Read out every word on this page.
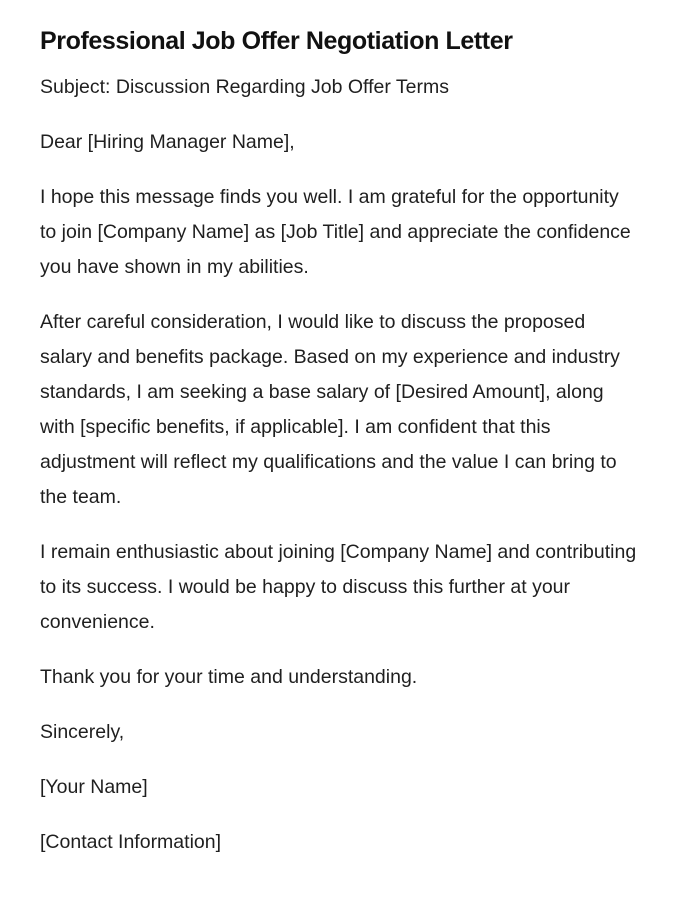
Professional Job Offer Negotiation Letter

Subject: Discussion Regarding Job Offer Terms

Dear [Hiring Manager Name],

I hope this message finds you well. I am grateful for the opportunity to join [Company Name] as [Job Title] and appreciate the confidence you have shown in my abilities.

After careful consideration, I would like to discuss the proposed salary and benefits package. Based on my experience and industry standards, I am seeking a base salary of [Desired Amount], along with [specific benefits, if applicable]. I am confident that this adjustment will reflect my qualifications and the value I can bring to the team.

I remain enthusiastic about joining [Company Name] and contributing to its success. I would be happy to discuss this further at your convenience.

Thank you for your time and understanding.

Sincerely,

[Your Name]

[Contact Information]
